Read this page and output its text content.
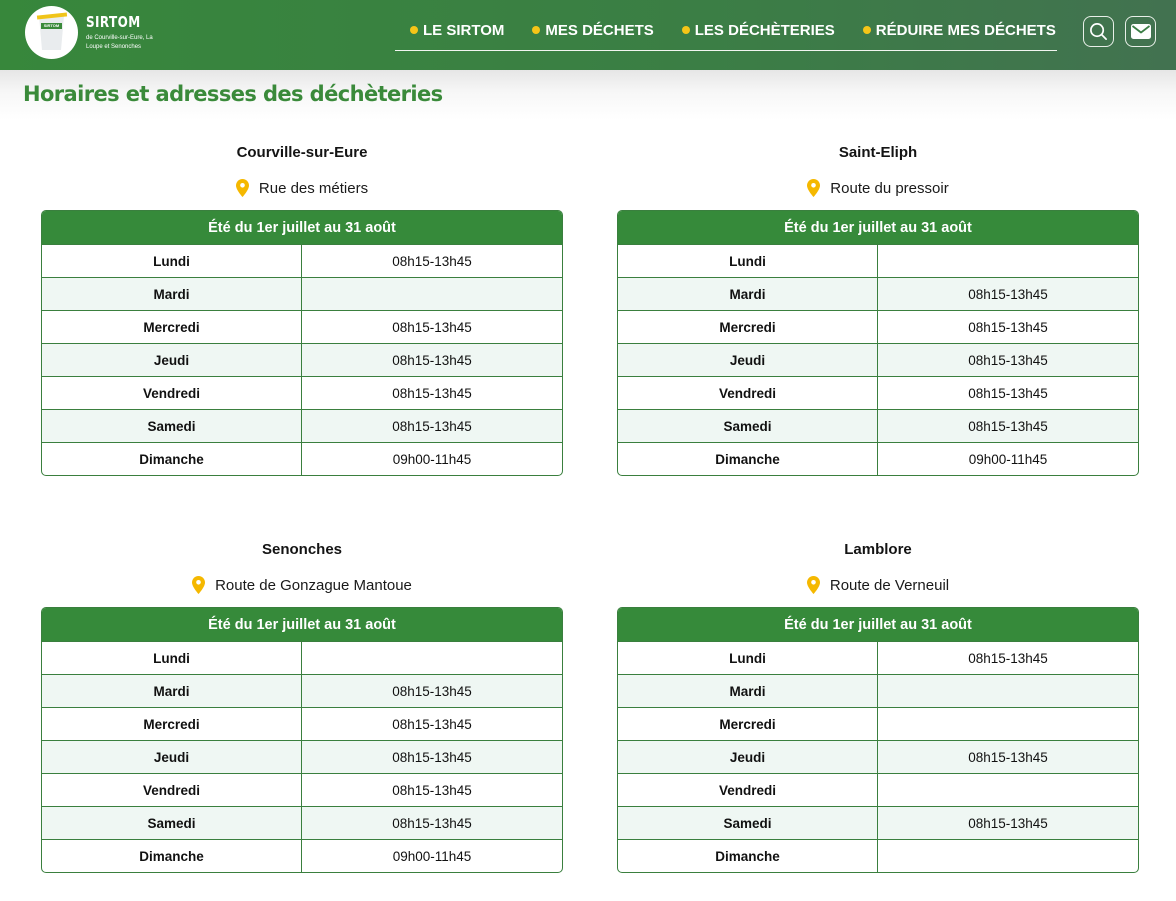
SIRTOM SIRTOM
de Courville-sur-Eure, La Loupe et Senonches
LE SIRTOM	MES DÉCHETS	LES DÉCHÈTERIES	RÉDUIRE MES DÉCHETS
Horaires et adresses des déchèteries
Courville-sur-Eure
Rue des métiers
Été du 1er juillet au 31 août	
Lundi	08h15-13h45
Mardi	
Mercredi	08h15-13h45
Jeudi	08h15-13h45
Vendredi	08h15-13h45
Samedi	08h15-13h45
Dimanche	09h00-11h45
Saint-Eliph
Route du pressoir
Été du 1er juillet au 31 août	
Lundi	
Mardi	08h15-13h45
Mercredi	08h15-13h45
Jeudi	08h15-13h45
Vendredi	08h15-13h45
Samedi	08h15-13h45
Dimanche	09h00-11h45
Senonches
Route de Gonzague Mantoue
Été du 1er juillet au 31 août	
Lundi	
Mardi	08h15-13h45
Mercredi	08h15-13h45
Jeudi	08h15-13h45
Vendredi	08h15-13h45
Samedi	08h15-13h45
Dimanche	09h00-11h45
Lamblore
Route de Verneuil
Été du 1er juillet au 31 août	
Lundi	08h15-13h45
Mardi	
Mercredi	
Jeudi	08h15-13h45
Vendredi	
Samedi	08h15-13h45
Dimanche	
